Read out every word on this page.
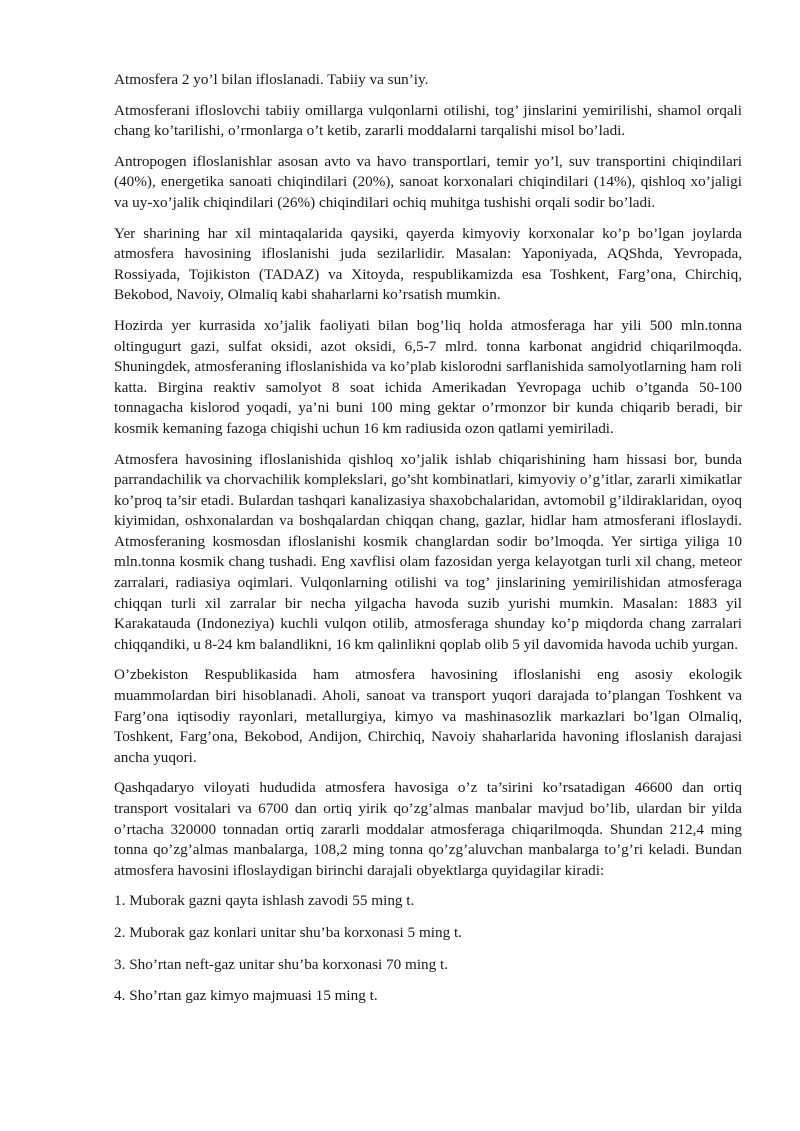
Atmosfera 2 yo’l bilan ifloslanadi. Tabiiy va sun’iy.

Atmosferani ifloslovchi tabiiy omillarga vulqonlarni otilishi, tog’ jinslarini yemirilishi, shamol orqali chang ko’tarilishi, o’rmonlarga o’t ketib, zararli moddalarni tarqalishi misol bo’ladi.

Antropogen ifloslanishlar asosan avto va havo transportlari, temir yo’l, suv transportini chiqindilari (40%), energetika sanoati chiqindilari (20%), sanoat korxonalari chiqindilari (14%), qishloq xo’jaligi va uy-xo’jalik chiqindilari (26%) chiqindilari ochiq muhitga tushishi orqali sodir bo’ladi.

Yer sharining har xil mintaqalarida qaysiki, qayerda kimyoviy korxonalar ko’p bo’lgan joylarda atmosfera havosining ifloslanishi juda sezilarlidir. Masalan: Yaponiyada, AQShda, Yevropada, Rossiyada, Tojikiston (TADAZ) va Xitoyda, respublikamizda esa Toshkent, Farg’ona, Chirchiq, Bekobod, Navoiy, Olmaliq kabi shaharlarni ko’rsatish mumkin.

Hozirda yer kurrasida xo’jalik faoliyati bilan bog’liq holda atmosferaga har yili 500 mln.tonna oltingugurt gazi, sulfat oksidi, azot oksidi, 6,5-7 mlrd. tonna karbonat angidrid chiqarilmoqda. Shuningdek, atmosferaning ifloslanishida va ko’plab kislorodni sarflanishida samolyotlarning ham roli katta. Birgina reaktiv samolyot 8 soat ichida Amerikadan Yevropaga uchib o’tganda 50-100 tonnagacha kislorod yoqadi, ya’ni buni 100 ming gektar o’rmonzor bir kunda chiqarib beradi, bir kosmik kemaning fazoga chiqishi uchun 16 km radiusida ozon qatlami yemiriladi.

Atmosfera havosining ifloslanishida qishloq xo’jalik ishlab chiqarishining ham hissasi bor, bunda parrandachilik va chorvachilik komplekslari, go’sht kombinatlari, kimyoviy o’g’itlar, zararli ximikatlar ko’proq ta’sir etadi. Bulardan tashqari kanalizasiya shaxobchalaridan, avtomobil g’ildiraklaridan, oyoq kiyimidan, oshxonalardan va boshqalardan chiqqan chang, gazlar, hidlar ham atmosferani ifloslaydi. Atmosferaning kosmosdan ifloslanishi kosmik changlardan sodir bo’lmoqda. Yer sirtiga yiliga 10 mln.tonna kosmik chang tushadi. Eng xavflisi olam fazosidan yerga kelayotgan turli xil chang, meteor zarralari, radiasiya oqimlari. Vulqonlarning otilishi va tog’ jinslarining yemirilishidan atmosferaga chiqqan turli xil zarralar bir necha yilgacha havoda suzib yurishi mumkin. Masalan: 1883 yil Karakatauda (Indoneziya) kuchli vulqon otilib, atmosferaga shunday ko’p miqdorda chang zarralari chiqqandiki, u 8-24 km balandlikni, 16 km qalinlikni qoplab olib 5 yil davomida havoda uchib yurgan.

O’zbekiston Respublikasida ham atmosfera havosining ifloslanishi eng asosiy ekologik muammolardan biri hisoblanadi. Aholi, sanoat va transport yuqori darajada to’plangan Toshkent va Farg’ona iqtisodiy rayonlari, metallurgiya, kimyo va mashinasozlik markazlari bo’lgan Olmaliq, Toshkent, Farg’ona, Bekobod, Andijon, Chirchiq, Navoiy shaharlarida havoning ifloslanish darajasi ancha yuqori.

Qashqadaryo viloyati hududida atmosfera havosiga o’z ta’sirini ko’rsatadigan 46600 dan ortiq transport vositalari va 6700 dan ortiq yirik qo’zg’almas manbalar mavjud bo’lib, ulardan bir yilda o’rtacha 320000 tonnadan ortiq zararli moddalar atmosferaga chiqarilmoqda. Shundan 212,4 ming tonna qo’zg’almas manbalarga, 108,2 ming tonna qo’zg’aluvchan manbalarga to’g’ri keladi. Bundan atmosfera havosini ifloslaydigan birinchi darajali obyektlarga quyidagilar kiradi:

1. Muborak gazni qayta ishlash zavodi 55 ming t.

2. Muborak gaz konlari unitar shu’ba korxonasi 5 ming t.

3. Sho’rtan neft-gaz unitar shu’ba korxonasi 70 ming t.

4. Sho’rtan gaz kimyo majmuasi 15 ming t.
